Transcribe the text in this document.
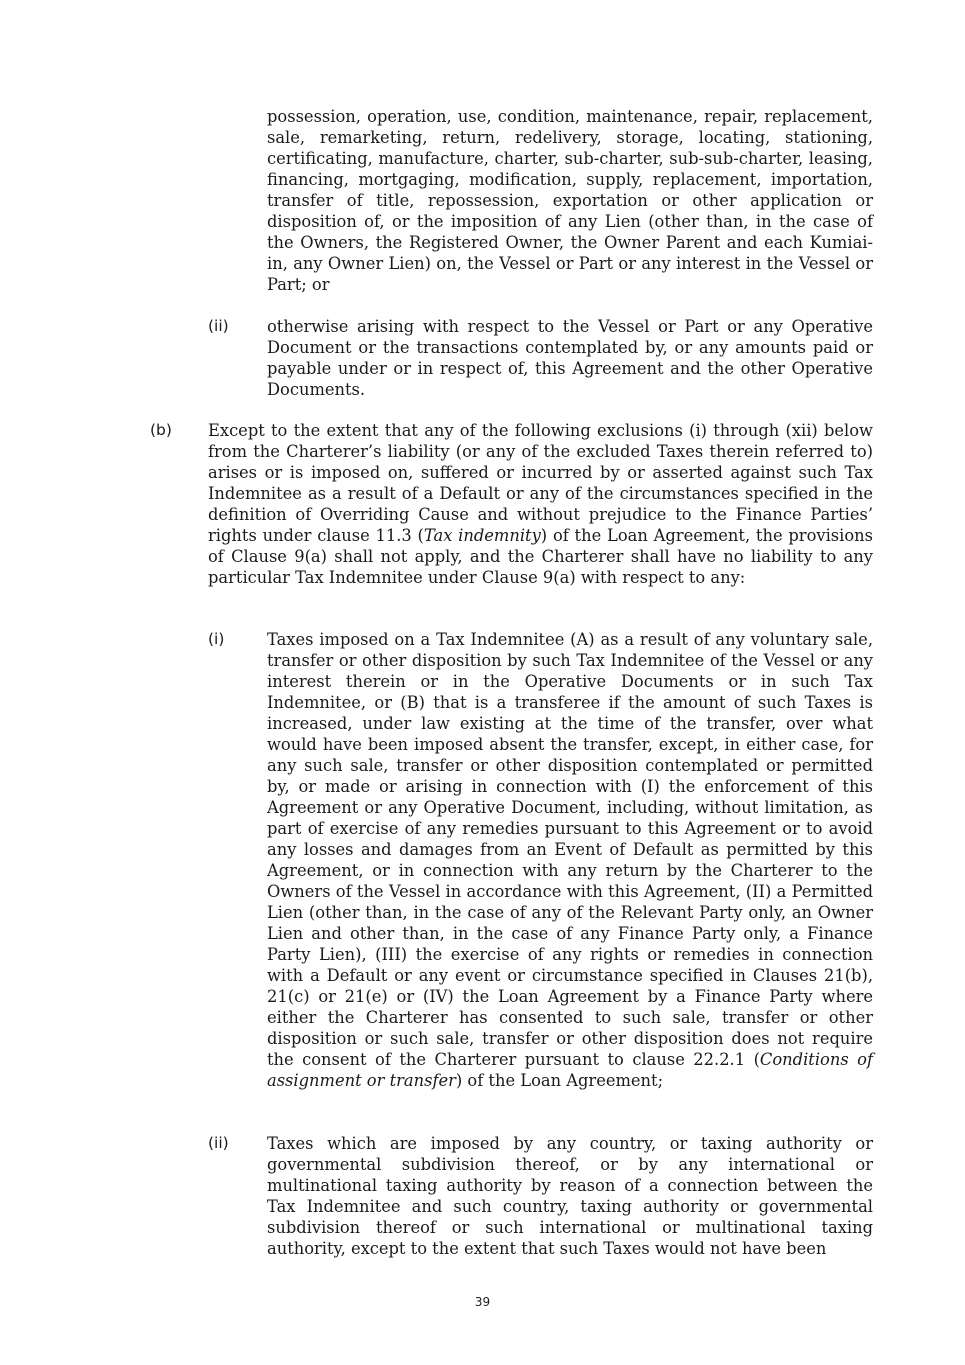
possession, operation, use, condition, maintenance, repair, replacement, sale, remarketing, return, redelivery, storage, locating, stationing, certificating, manufacture, charter, sub-charter, sub-sub-charter, leasing, financing, mortgaging, modification, supply, replacement, importation, transfer of title, repossession, exportation or other application or disposition of, or the imposition of any Lien (other than, in the case of the Owners, the Registered Owner, the Owner Parent and each Kumiai-in, any Owner Lien) on, the Vessel or Part or any interest in the Vessel or Part; or

(ii) otherwise arising with respect to the Vessel or Part or any Operative Document or the transactions contemplated by, or any amounts paid or payable under or in respect of, this Agreement and the other Operative Documents.

(b) Except to the extent that any of the following exclusions (i) through (xii) below from the Charterer’s liability (or any of the excluded Taxes therein referred to) arises or is imposed on, suffered or incurred by or asserted against such Tax Indemnitee as a result of a Default or any of the circumstances specified in the definition of Overriding Cause and without prejudice to the Finance Parties’ rights under clause 11.3 (Tax indemnity) of the Loan Agreement, the provisions of Clause 9(a) shall not apply, and the Charterer shall have no liability to any particular Tax Indemnitee under Clause 9(a) with respect to any:

(i)	Taxes imposed on a Tax Indemnitee (A) as a result of any voluntary sale, transfer or other disposition by such Tax Indemnitee of the Vessel or any interest therein or in the Operative Documents or in such Tax Indemnitee, or (B) that is a transferee if the amount of such Taxes is increased, under law existing at the time of the transfer, over what would have been imposed absent the transfer, except, in either case, for any such sale, transfer or other disposition contemplated or permitted by, or made or arising in connection with (I) the enforcement of this Agreement or any Operative Document, including, without limitation, as part of exercise of any remedies pursuant to this Agreement or to avoid any losses and damages from an Event of Default as permitted by this Agreement, or in connection with any return by the Charterer to the Owners of the Vessel in accordance with this Agreement, (II) a Permitted Lien (other than, in the case of any of the Relevant Party only, an Owner Lien and other than, in the case of any Finance Party only, a Finance Party Lien), (III) the exercise of any rights or remedies in connection with a Default or any event or circumstance specified in Clauses 21(b), 21(c) or 21(e) or (IV) the Loan Agreement by a Finance Party where either the Charterer has consented to such sale, transfer or other disposition or such sale, transfer or other disposition does not require the consent of the Charterer pursuant to clause 22.2.1 (Conditions of assignment or transfer) of the Loan Agreement;

(ii) Taxes which are imposed by any country, or taxing authority or governmental subdivision thereof, or by any international or multinational taxing authority by reason of a connection between the Tax Indemnitee and such country, taxing authority or governmental subdivision thereof or such international or multinational taxing authority, except to the extent that such Taxes would not have been

39
